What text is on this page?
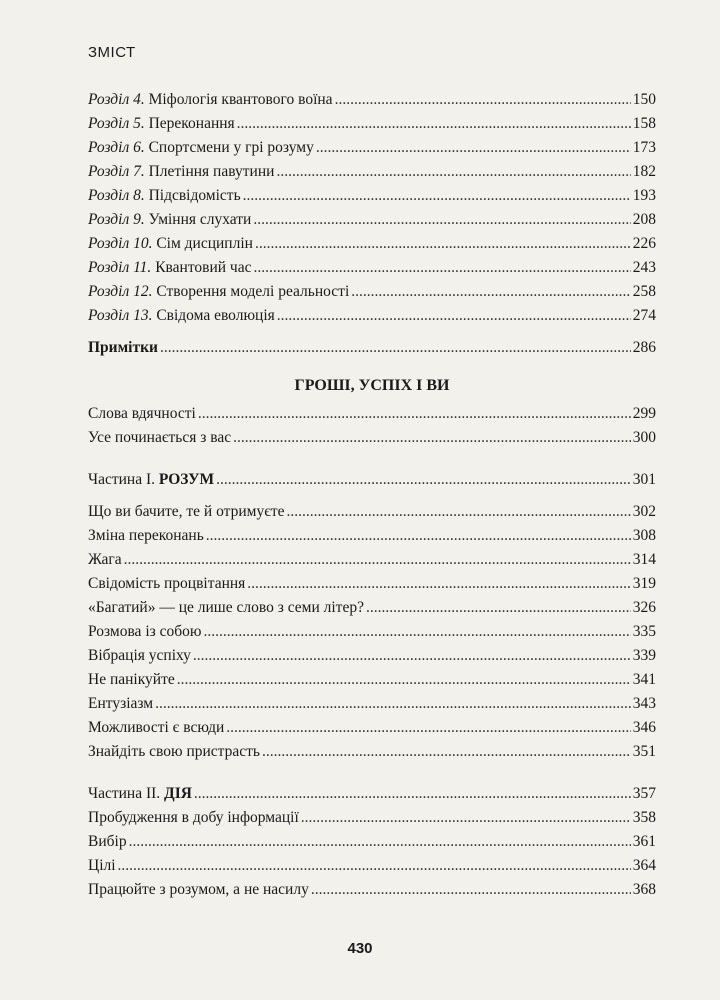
ЗМІСТ
Розділ 4. Міфологія квантового воїна .....	150
Розділ 5. Переконання .....	158
Розділ 6. Спортсмени у грі розуму .....	173
Розділ 7. Плетіння павутини .....	182
Розділ 8. Підсвідомість .....	193
Розділ 9. Уміння слухати .....	208
Розділ 10. Сім дисциплін .....	226
Розділ 11. Квантовий час .....	243
Розділ 12. Створення моделі реальності .....	258
Розділ 13. Свідома еволюція .....	274
Примітки .....	286
ГРОШІ, УСПІХ І ВИ
Слова вдячності .....	299
Усе починається з вас .....	300
Частина I. РОЗУМ .....	301
Що ви бачите, те й отримуєте .....	302
Зміна переконань .....	308
Жага .....	314
Свідомість процвітання .....	319
«Багатий» — це лише слово з семи літер? .....	326
Розмова із собою .....	335
Вібрація успіху .....	339
Не панікуйте .....	341
Ентузіазм .....	343
Можливості є всюди .....	346
Знайдіть свою пристрасть .....	351
Частина II. ДІЯ .....	357
Пробудження в добу інформації .....	358
Вибір .....	361
Цілі .....	364
Працюйте з розумом, а не насилу .....	368
430
